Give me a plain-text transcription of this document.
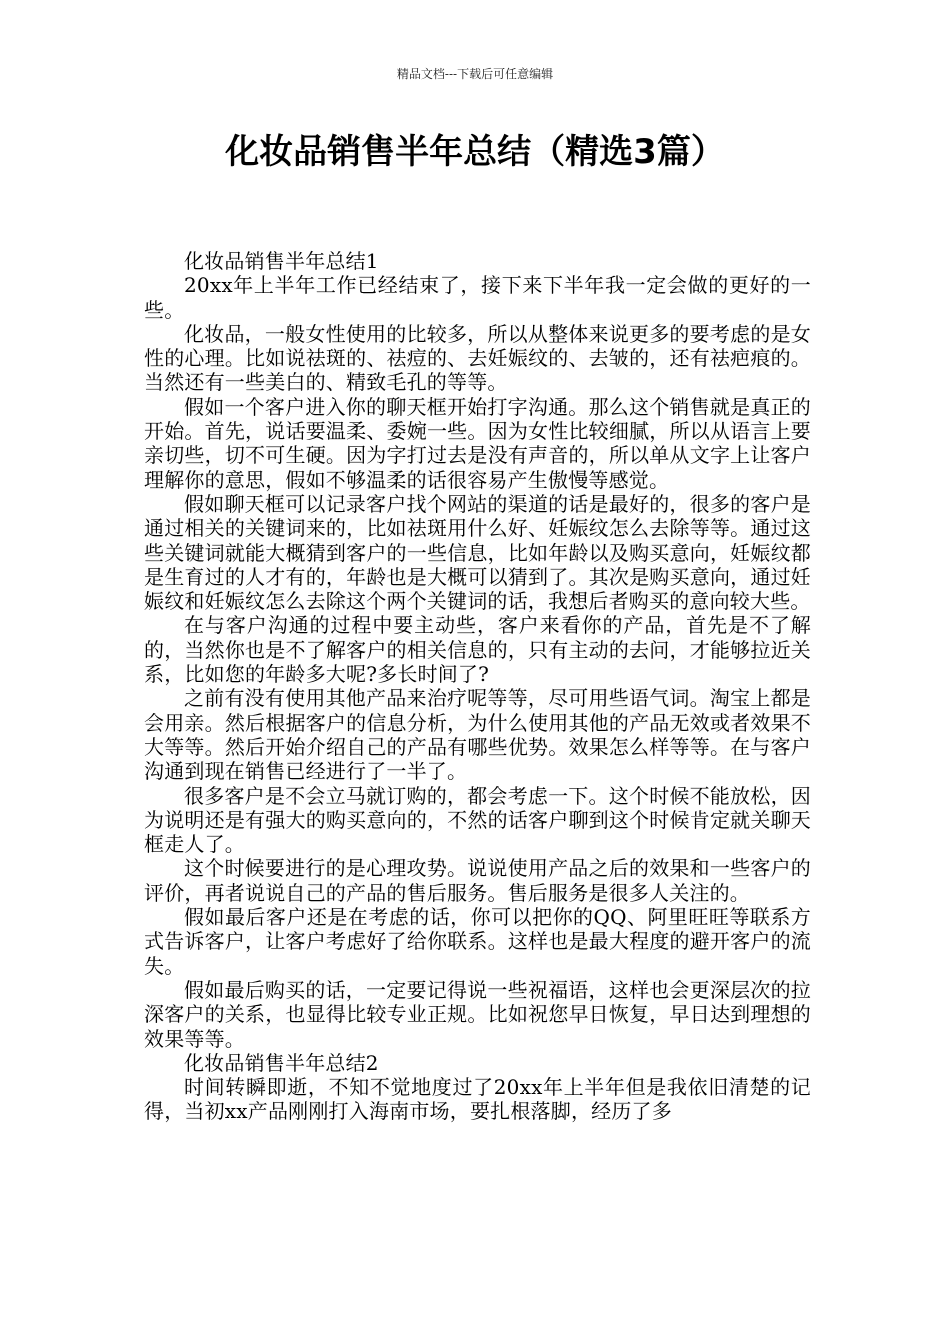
精品文档---下载后可任意编辑
化妆品销售半年总结（精选3篇）

化妆品销售半年总结1

20xx年上半年工作已经结束了，接下来下半年我一定会做的更好的一些。

化妆品，一般女性使用的比较多，所以从整体来说更多的要考虑的是女性的心理。比如说祛斑的、祛痘的、去妊娠纹的、去皱的，还有祛疤痕的。当然还有一些美白的、精致毛孔的等等。

假如一个客户进入你的聊天框开始打字沟通。那么这个销售就是真正的开始。首先，说话要温柔、委婉一些。因为女性比较细腻，所以从语言上要亲切些，切不可生硬。因为字打过去是没有声音的，所以单从文字上让客户理解你的意思，假如不够温柔的话很容易产生傲慢等感觉。

假如聊天框可以记录客户找个网站的渠道的话是最好的，很多的客户是通过相关的关键词来的，比如祛斑用什么好、妊娠纹怎么去除等等。通过这些关键词就能大概猜到客户的一些信息，比如年龄以及购买意向，妊娠纹都是生育过的人才有的，年龄也是大概可以猜到了。其次是购买意向，通过妊娠纹和妊娠纹怎么去除这个两个关键词的话，我想后者购买的意向较大些。

在与客户沟通的过程中要主动些，客户来看你的产品，首先是不了解的，当然你也是不了解客户的相关信息的，只有主动的去问，才能够拉近关系，比如您的年龄多大呢?多长时间了?

之前有没有使用其他产品来治疗呢等等，尽可用些语气词。淘宝上都是会用亲。然后根据客户的信息分析，为什么使用其他的产品无效或者效果不大等等。然后开始介绍自己的产品有哪些优势。效果怎么样等等。在与客户沟通到现在销售已经进行了一半了。

很多客户是不会立马就订购的，都会考虑一下。这个时候不能放松，因为说明还是有强大的购买意向的，不然的话客户聊到这个时候肯定就关聊天框走人了。

这个时候要进行的是心理攻势。说说使用产品之后的效果和一些客户的评价，再者说说自己的产品的售后服务。售后服务是很多人关注的。

假如最后客户还是在考虑的话，你可以把你的QQ、阿里旺旺等联系方式告诉客户，让客户考虑好了给你联系。这样也是最大程度的避开客户的流失。

假如最后购买的话，一定要记得说一些祝福语，这样也会更深层次的拉深客户的关系，也显得比较专业正规。比如祝您早日恢复，早日达到理想的效果等等。

化妆品销售半年总结2

时间转瞬即逝，不知不觉地度过了20xx年上半年但是我依旧清楚的记得，当初xx产品刚刚打入海南市场，要扎根落脚，经历了多
